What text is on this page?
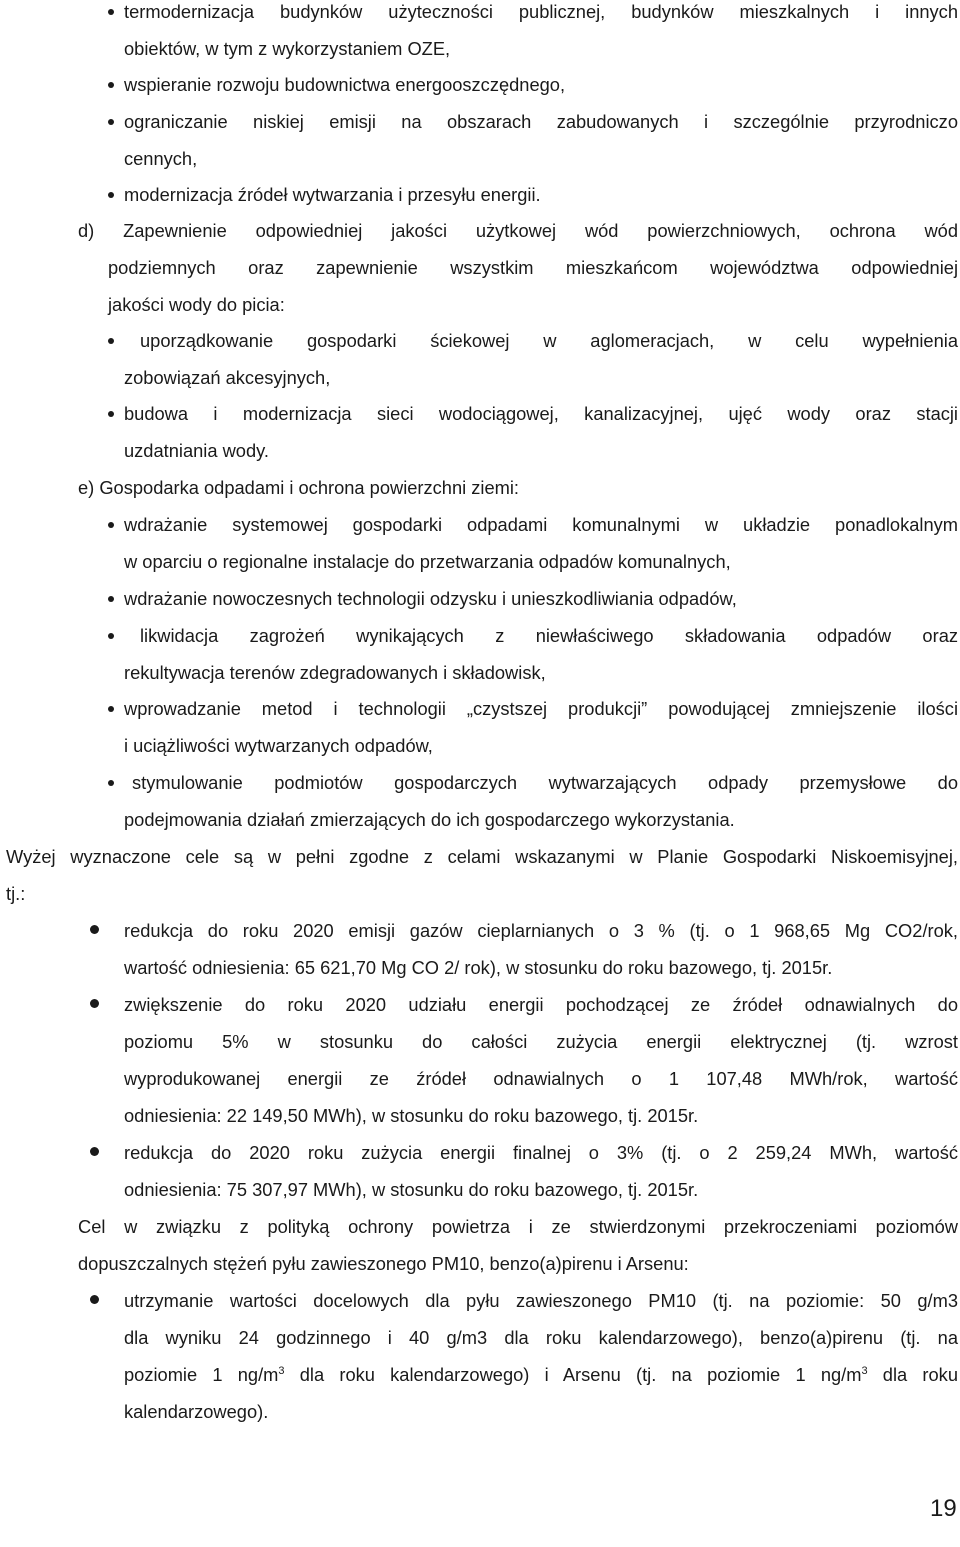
termodernizacja budynków użyteczności publicznej, budynków mieszkalnych i innych
obiektów, w tym z wykorzystaniem OZE,
wspieranie rozwoju budownictwa energooszczędnego,
ograniczanie niskiej emisji na obszarach zabudowanych i szczególnie przyrodniczo
cennych,
modernizacja źródeł wytwarzania i przesyłu energii.
d) Zapewnienie odpowiedniej jakości użytkowej wód powierzchniowych, ochrona wód
podziemnych oraz zapewnienie wszystkim mieszkańcom województwa odpowiedniej
jakości wody do picia:
uporządkowanie gospodarki ściekowej w aglomeracjach, w celu wypełnienia
zobowiązań akcesyjnych,
budowa i modernizacja sieci wodociągowej, kanalizacyjnej, ujęć wody oraz stacji
uzdatniania wody.
e) Gospodarka odpadami i ochrona powierzchni ziemi:
wdrażanie systemowej gospodarki odpadami komunalnymi w układzie ponadlokalnym
w oparciu o regionalne instalacje do przetwarzania odpadów komunalnych,
wdrażanie nowoczesnych technologii odzysku i unieszkodliwiania odpadów,
likwidacja zagrożeń wynikających z niewłaściwego składowania odpadów oraz
rekultywacja terenów zdegradowanych i składowisk,
wprowadzanie metod i technologii „czystszej produkcji” powodującej zmniejszenie ilości
i uciążliwości wytwarzanych odpadów,
stymulowanie podmiotów gospodarczych wytwarzających odpady przemysłowe do
podejmowania działań zmierzających do ich gospodarczego wykorzystania.
Wyżej wyznaczone cele są w pełni zgodne z celami wskazanymi w Planie Gospodarki Niskoemisyjnej,
tj.:
redukcja do roku 2020 emisji gazów cieplarnianych o 3 % (tj. o 1 968,65 Mg CO2/rok,
wartość odniesienia: 65 621,70 Mg CO 2/ rok), w stosunku do roku bazowego, tj. 2015r.
zwiększenie do roku 2020 udziału energii pochodzącej ze źródeł odnawialnych do
poziomu 5% w stosunku do całości zużycia energii elektrycznej (tj. wzrost
wyprodukowanej energii ze źródeł odnawialnych o 1 107,48 MWh/rok, wartość
odniesienia: 22 149,50 MWh), w stosunku do roku bazowego, tj. 2015r.
redukcja do 2020 roku zużycia energii finalnej o 3% (tj. o 2 259,24 MWh, wartość
odniesienia: 75 307,97 MWh), w stosunku do roku bazowego, tj. 2015r.
Cel w związku z polityką ochrony powietrza i ze stwierdzonymi przekroczeniami poziomów
dopuszczalnych stężeń pyłu zawieszonego PM10, benzo(a)pirenu i Arsenu:
utrzymanie wartości docelowych dla pyłu zawieszonego PM10 (tj. na poziomie: 50 g/m3
dla wyniku 24 godzinnego i 40 g/m3 dla roku kalendarzowego), benzo(a)pirenu (tj. na
poziomie 1 $ng/m^3$ dla roku kalendarzowego) i Arsenu (tj. na poziomie 1 $ng/m^3$ dla roku
kalendarzowego).
19
